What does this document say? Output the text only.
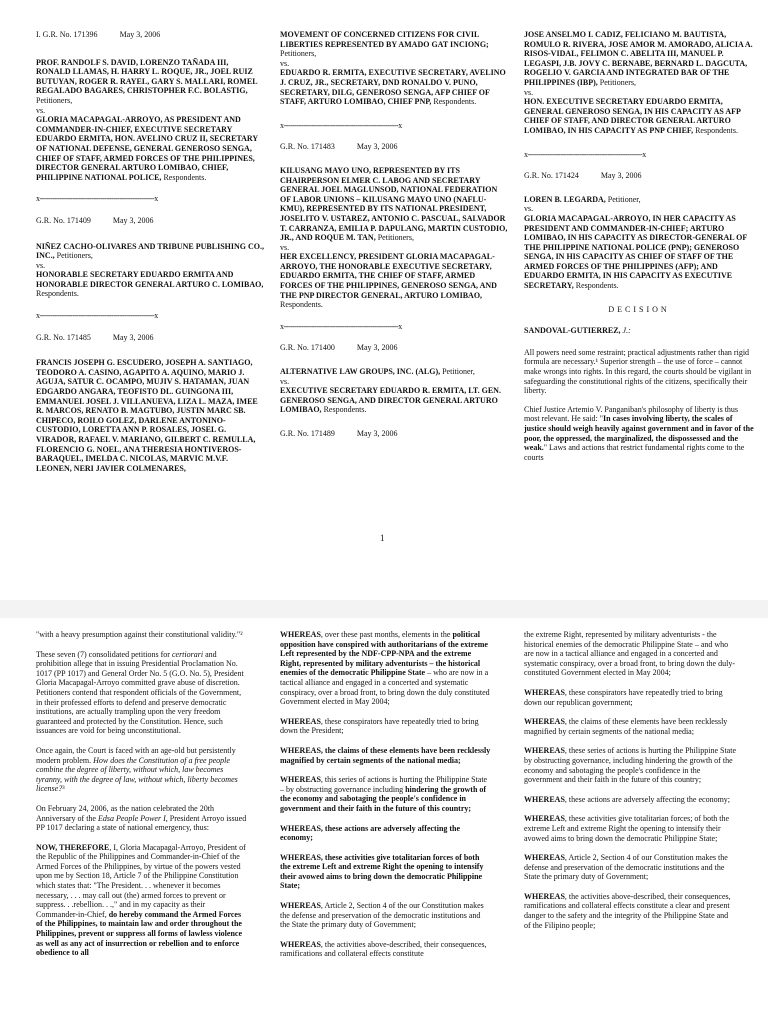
I. G.R. No. 171396	May 3, 2006

PROF. RANDOLF S. DAVID, LORENZO TAÑADA III, RONALD LLAMAS, H. HARRY L. ROQUE, JR., JOEL RUIZ BUTUYAN, ROGER R. RAYEL, GARY S. MALLARI, ROMEL REGALADO BAGARES, CHRISTOPHER F.C. BOLASTIG, Petitioners,

vs.

GLORIA MACAPAGAL-ARROYO, AS PRESIDENT AND COMMANDER-IN-CHIEF, EXECUTIVE SECRETARY EDUARDO ERMITA, HON. AVELINO CRUZ II, SECRETARY OF NATIONAL DEFENSE, GENERAL GENEROSO SENGA, CHIEF OF STAFF, ARMED FORCES OF THE PHILIPPINES, DIRECTOR GENERAL ARTURO LOMIBAO, CHIEF, PHILIPPINE NATIONAL POLICE, Respondents.

x-----------------------------------------------------x

G.R. No. 171409	May 3, 2006

NIÑEZ CACHO-OLIVARES AND TRIBUNE PUBLISHING CO., INC., Petitioners,

vs.

HONORABLE SECRETARY EDUARDO ERMITA AND HONORABLE DIRECTOR GENERAL ARTURO C. LOMIBAO, Respondents.

x-----------------------------------------------------x

G.R. No. 171485	May 3, 2006

FRANCIS JOSEPH G. ESCUDERO, JOSEPH A. SANTIAGO, TEODORO A. CASINO, AGAPITO A. AQUINO, MARIO J. AGUJA, SATUR C. OCAMPO, MUJIV S. HATAMAN, JUAN EDGARDO ANGARA, TEOFISTO DL. GUINGONA III, EMMANUEL JOSEL J. VILLANUEVA, LIZA L. MAZA, IMEE R. MARCOS, RENATO B. MAGTUBO, JUSTIN MARC SB. CHIPECO, ROILO GOLEZ, DARLENE ANTONINO-CUSTODIO, LORETTA ANN P. ROSALES, JOSEL G. VIRADOR, RAFAEL V. MARIANO, GILBERT C. REMULLA, FLORENCIO G. NOEL, ANA THERESIA HONTIVEROS-BARAQUEL, IMELDA C. NICOLAS, MARVIC M.V.F. LEONEN, NERI JAVIER COLMENARES,

MOVEMENT OF CONCERNED CITIZENS FOR CIVIL LIBERTIES REPRESENTED BY AMADO GAT INCIONG; Petitioners,

vs.

EDUARDO R. ERMITA, EXECUTIVE SECRETARY, AVELINO J. CRUZ, JR., SECRETARY, DND RONALDO V. PUNO, SECRETARY, DILG, GENEROSO SENGA, AFP CHIEF OF STAFF, ARTURO LOMIBAO, CHIEF PNP, Respondents.

x-----------------------------------------------------x

G.R. No. 171483	May 3, 2006

KILUSANG MAYO UNO, REPRESENTED BY ITS CHAIRPERSON ELMER C. LABOG AND SECRETARY GENERAL JOEL MAGLUNSOD, NATIONAL FEDERATION OF LABOR UNIONS – KILUSANG MAYO UNO (NAFLU-KMU), REPRESENTED BY ITS NATIONAL PRESIDENT, JOSELITO V. USTAREZ, ANTONIO C. PASCUAL, SALVADOR T. CARRANZA, EMILIA P. DAPULANG, MARTIN CUSTODIO, JR., AND ROQUE M. TAN, Petitioners,

vs.

HER EXCELLENCY, PRESIDENT GLORIA MACAPAGAL-ARROYO, THE HONORABLE EXECUTIVE SECRETARY, EDUARDO ERMITA, THE CHIEF OF STAFF, ARMED FORCES OF THE PHILIPPINES, GENEROSO SENGA, AND THE PNP DIRECTOR GENERAL, ARTURO LOMIBAO, Respondents.

x-----------------------------------------------------x

G.R. No. 171400	May 3, 2006

ALTERNATIVE LAW GROUPS, INC. (ALG), Petitioner,

vs.

EXECUTIVE SECRETARY EDUARDO R. ERMITA, LT. GEN. GENEROSO SENGA, AND DIRECTOR GENERAL ARTURO LOMIBAO, Respondents.

G.R. No. 171489	May 3, 2006

JOSE ANSELMO I. CADIZ, FELICIANO M. BAUTISTA, ROMULO R. RIVERA, JOSE AMOR M. AMORADO, ALICIA A. RISOS-VIDAL, FELIMON C. ABELITA III, MANUEL P. LEGASPI, J.B. JOVY C. BERNABE, BERNARD L. DAGCUTA, ROGELIO V. GARCIA AND INTEGRATED BAR OF THE PHILIPPINES (IBP), Petitioners,

vs.

HON. EXECUTIVE SECRETARY EDUARDO ERMITA, GENERAL GENEROSO SENGA, IN HIS CAPACITY AS AFP CHIEF OF STAFF, AND DIRECTOR GENERAL ARTURO LOMIBAO, IN HIS CAPACITY AS PNP CHIEF, Respondents.

x-----------------------------------------------------x

G.R. No. 171424	May 3, 2006

LOREN B. LEGARDA, Petitioner,

vs.

GLORIA MACAPAGAL-ARROYO, IN HER CAPACITY AS PRESIDENT AND COMMANDER-IN-CHIEF; ARTURO LOMIBAO, IN HIS CAPACITY AS DIRECTOR-GENERAL OF THE PHILIPPINE NATIONAL POLICE (PNP); GENEROSO SENGA, IN HIS CAPACITY AS CHIEF OF STAFF OF THE ARMED FORCES OF THE PHILIPPINES (AFP); AND EDUARDO ERMITA, IN HIS CAPACITY AS EXECUTIVE SECRETARY, Respondents.

DECISION

SANDOVAL-GUTIERREZ, J.:

All powers need some restraint; practical adjustments rather than rigid formula are necessary.¹ Superior strength – the use of force – cannot make wrongs into rights. In this regard, the courts should be vigilant in safeguarding the constitutional rights of the citizens, specifically their liberty.

Chief Justice Artemio V. Panganiban's philosophy of liberty is thus most relevant. He said: "In cases involving liberty, the scales of justice should weigh heavily against government and in favor of the poor, the oppressed, the marginalized, the dispossessed and the weak." Laws and actions that restrict fundamental rights come to the courts

1

"with a heavy presumption against their constitutional validity."²

These seven (7) consolidated petitions for certiorari and prohibition allege that in issuing Presidential Proclamation No. 1017 (PP 1017) and General Order No. 5 (G.O. No. 5), President Gloria Macapagal-Arroyo committed grave abuse of discretion. Petitioners contend that respondent officials of the Government, in their professed efforts to defend and preserve democratic institutions, are actually trampling upon the very freedom guaranteed and protected by the Constitution. Hence, such issuances are void for being unconstitutional.

Once again, the Court is faced with an age-old but persistently modern problem. How does the Constitution of a free people combine the degree of liberty, without which, law becomes tyranny, with the degree of law, without which, liberty becomes license?³

On February 24, 2006, as the nation celebrated the 20th Anniversary of the Edsa People Power I, President Arroyo issued PP 1017 declaring a state of national emergency, thus:

NOW, THEREFORE, I, Gloria Macapagal-Arroyo, President of the Republic of the Philippines and Commander-in-Chief of the Armed Forces of the Philippines, by virtue of the powers vested upon me by Section 18, Article 7 of the Philippine Constitution which states that: "The President. . . whenever it becomes necessary, . . . may call out (the) armed forces to prevent or suppress. . .rebellion. . .," and in my capacity as their Commander-in-Chief, do hereby command the Armed Forces of the Philippines, to maintain law and order throughout the Philippines, prevent or suppress all forms of lawless violence as well as any act of insurrection or rebellion and to enforce obedience to all

WHEREAS, over these past months, elements in the political opposition have conspired with authoritarians of the extreme Left represented by the NDF-CPP-NPA and the extreme Right, represented by military adventurists – the historical enemies of the democratic Philippine State – who are now in a tactical alliance and engaged in a concerted and systematic conspiracy, over a broad front, to bring down the duly constituted Government elected in May 2004;

WHEREAS, these conspirators have repeatedly tried to bring down the President;

WHEREAS, the claims of these elements have been recklessly magnified by certain segments of the national media;

WHEREAS, this series of actions is hurting the Philippine State – by obstructing governance including hindering the growth of the economy and sabotaging the people's confidence in government and their faith in the future of this country;

WHEREAS, these actions are adversely affecting the economy;

WHEREAS, these activities give totalitarian forces of both the extreme Left and extreme Right the opening to intensify their avowed aims to bring down the democratic Philippine State;

WHEREAS, Article 2, Section 4 of the our Constitution makes the defense and preservation of the democratic institutions and the State the primary duty of Government;

WHEREAS, the activities above-described, their consequences, ramifications and collateral effects constitute

the extreme Right, represented by military adventurists - the historical enemies of the democratic Philippine State – and who are now in a tactical alliance and engaged in a concerted and systematic conspiracy, over a broad front, to bring down the duly-constituted Government elected in May 2004;

WHEREAS, these conspirators have repeatedly tried to bring down our republican government;

WHEREAS, the claims of these elements have been recklessly magnified by certain segments of the national media;

WHEREAS, these series of actions is hurting the Philippine State by obstructing governance, including hindering the growth of the economy and sabotaging the people's confidence in the government and their faith in the future of this country;

WHEREAS, these actions are adversely affecting the economy;

WHEREAS, these activities give totalitarian forces; of both the extreme Left and extreme Right the opening to intensify their avowed aims to bring down the democratic Philippine State;

WHEREAS, Article 2, Section 4 of our Constitution makes the defense and preservation of the democratic institutions and the State the primary duty of Government;

WHEREAS, the activities above-described, their consequences, ramifications and collateral effects constitute a clear and present danger to the safety and the integrity of the Philippine State and of the Filipino people;
